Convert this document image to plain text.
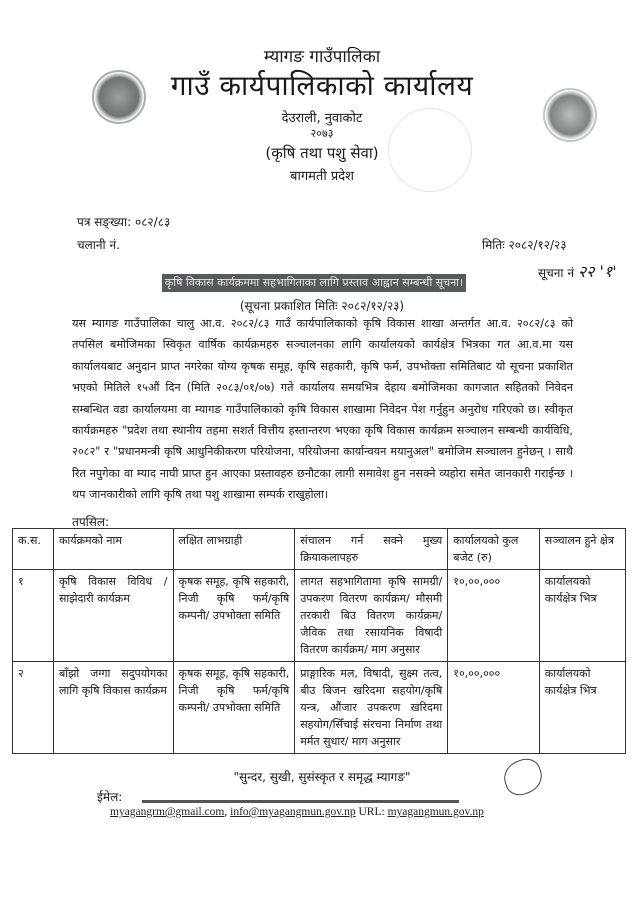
म्यागङ गाउँपालिका
गाउँ कार्यपालिकाको कार्यालय
देउराली, नुवाकोट
२०७३
(कृषि तथा पशु सेवा)
बागमती प्रदेश
पत्र सङ्ख्या: ०८२/८३
चलानी नं.	मितिः २०८२/१२/२३
सूचना नं २२ '१'
कृषि विकास कार्यक्रममा सहभागिताका लागि प्रस्ताव आह्वान सम्बन्धी सूचना।
(सूचना प्रकाशित मितिः २०८२/१२/२३)
यस म्यागङ गाउँपालिका चालु आ.व. २०८२/८३ गाउँ कार्यपालिकाको कृषि विकास शाखा अन्तर्गत आ.व. २०८२/८३ को तपसिल बमोजिमका स्विकृत वार्षिक कार्यक्रमहरु सञ्चालनका लागि कार्यालयको कार्यक्षेत्र भित्रका गत आ.व.मा यस कार्यालयबाट अनुदान प्राप्त नगरेका योग्य कृषक समूह, कृषि सहकारी, कृषि फर्म, उपभोक्ता समितिबाट यो सूचना प्रकाशित भएको मितिले १५औं दिन (मिति २०८३/०१/०७) गते कार्यालय समयभित्र देहाय बमोजिमका कागजात सहितको निवेदन सम्बन्धित वडा कार्यालयमा वा म्यागङ गाउँपालिकाको कृषि विकास शाखामा निवेदन पेश गर्नुहुन अनुरोध गरिएको छ। स्वीकृत कार्यक्रमहरु "प्रदेश तथा स्थानीय तहमा सशर्त वित्तीय हस्तान्तरण भएका कृषि विकास कार्यक्रम सञ्चालन सम्बन्धी कार्यविधि, २०८२" र "प्रधानमन्त्री कृषि आधुनिकीकरण परियोजना, परियोजना कार्यान्वयन मयानुअल" बमोजिम सञ्चालन हुनेछन् । साथै रित नपुगेका वा म्याद नाघी प्राप्त हुन आएका प्रस्तावहरु छनौटका लागी समावेश हुन नसक्ने व्यहोरा समेत जानकारी गराईन्छ । थप जानकारीको लागि कृषि तथा पशु शाखामा सम्पर्क राखुहोला।
तपसिल:
क.स.	कार्यक्रमको नाम	लक्षित लाभग्राही	संचालन गर्न सक्ने मुख्य क्रियाकलापहरु	कार्यालयको कुल बजेट (रु)	सञ्चालन हुने क्षेत्र
१	कृषि विकास विविध /साझेदारी कार्यक्रम	कृषक समूह, कृषि सहकारी, निजी कृषि फर्म/कृषि कम्पनी/ उपभोक्ता समिति	लागत सहभागितामा कृषि सामग्री/उपकरण वितरण कार्यक्रम/ मौसमी तरकारी बिउ वितरण कार्यक्रम/ जैविक तथा रसायनिक विषादी वितरण कार्यक्रम/ माग अनुसार	१०,००,०००	कार्यालयको कार्यक्षेत्र भित्र
२	बाँझो जग्गा सदुपयोगका लागि कृषि विकास कार्यक्रम	कृषक समूह, कृषि सहकारी, निजी कृषि फर्म/कृषि कम्पनी/ उपभोक्ता समिति	प्राङ्गारिक मल, विषादी, सुक्ष्म तत्व, बीउ बिजन खरिदमा सहयोग/कृषि यन्त्र, औंजार उपकरण खरिदमा सहयोग/सिँचाई संरचना निर्माण तथा मर्मत सुधार/ माग अनुसार	१०,००,०००	कार्यालयको कार्यक्षेत्र भित्र
"सुन्दर, सुखी, सुसंस्कृत र समृद्ध म्यागङ"
ईमेल:
myagangrm@gmail.com, info@myagangmun.gov.np URL: myagangmun.gov.np
